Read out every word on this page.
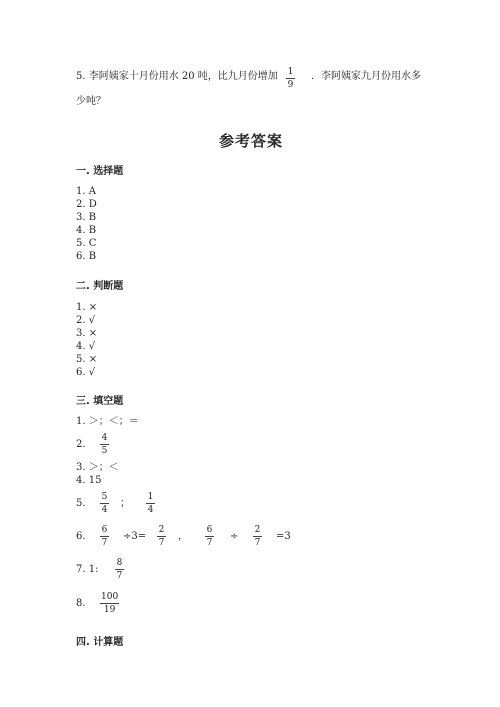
5. 李阿姨家十月份用水 20 吨，比九月份增加 1
9
．李阿姨家九月份用水多
少吨？
参考答案
一. 选择题
1. A
2. D
3. B
4. B
5. C
6. B
二. 判断题
1. ×
2. √
3. ×
4. √
5. ×
6. √
三. 填空题
1. ＞；＜；＝
2.
4
5
3. ＞；＜
4. 15
5.
5
4
；
1
4
6.
6
7
÷3=
2
7
，
6
7
÷
2
7
=3
7. 1:
8
7
8.
100
19
四. 计算题
